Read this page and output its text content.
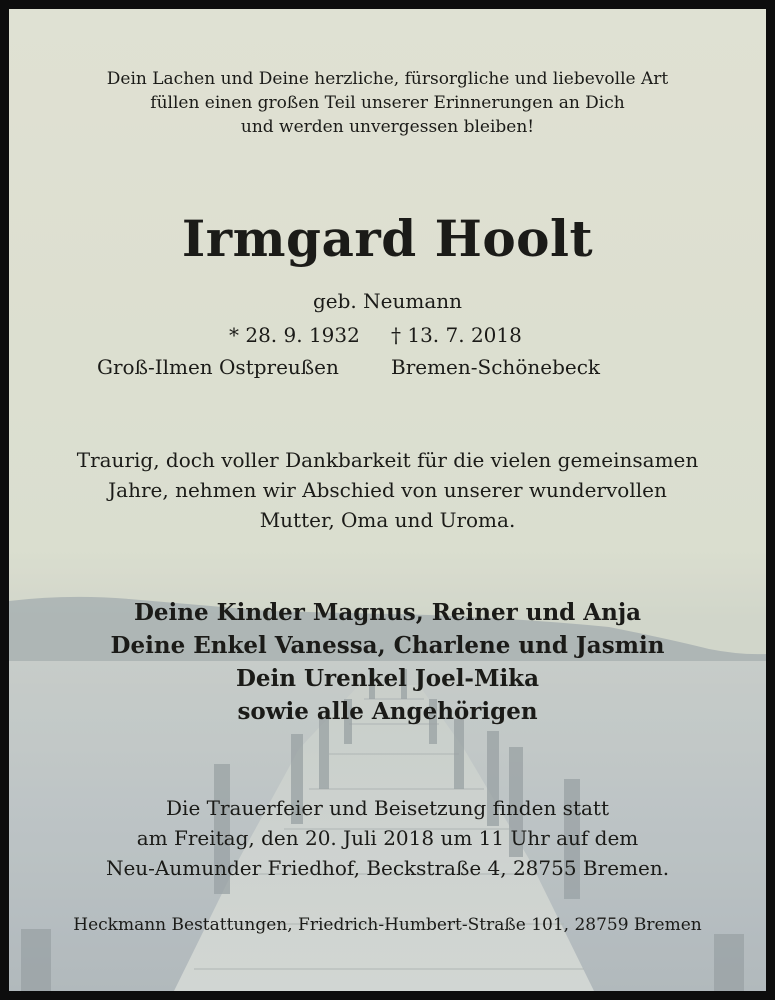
Dein Lachen und Deine herzliche, fürsorgliche und liebevolle Art
füllen einen großen Teil unserer Erinnerungen an Dich
und werden unvergessen bleiben!
Irmgard Hoolt
geb. Neumann
* 28. 9. 1932 † 13. 7. 2018
Groß-Ilmen Ostpreußen	Bremen-Schönebeck
Traurig, doch voller Dankbarkeit für die vielen gemeinsamen
Jahre, nehmen wir Abschied von unserer wundervollen
Mutter, Oma und Uroma.
Deine Kinder Magnus, Reiner und Anja
Deine Enkel Vanessa, Charlene und Jasmin
Dein Urenkel Joel-Mika
sowie alle Angehörigen
Die Trauerfeier und Beisetzung finden statt
am Freitag, den 20. Juli 2018 um 11 Uhr auf dem
Neu-Aumunder Friedhof, Beckstraße 4, 28755 Bremen.
Heckmann Bestattungen, Friedrich-Humbert-Straße 101, 28759 Bremen
